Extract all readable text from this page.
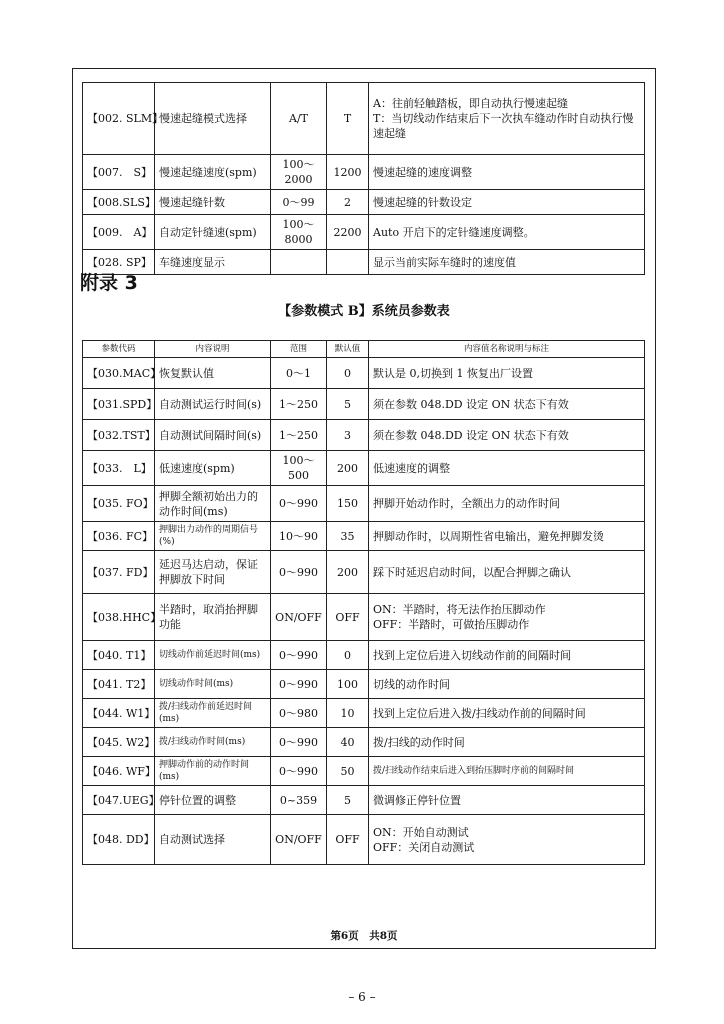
【002. SLM】	慢速起缝模式选择	A/T	T	A：往前轻触踏板，即自动执行慢速起缝
T：当切线动作结束后下一次执车缝动作时自动执行慢速起缝

【007.　S】	慢速起缝速度(spm)	100～2000	1200	慢速起缝的速度调整
【008.SLS】	慢速起缝针数	0～99	2	慢速起缝的针数设定
【009.　A】	自动定针缝速(spm)	100～8000	2200	Auto 开启下的定针缝速度调整。
【028. SP】	车缝速度显示			显示当前实际车缝时的速度值
附录 3
【参数模式 B】系统员参数表
参数代码	内容说明	范围	默认值	内容值名称说明与标注
【030.MAC】	恢复默认值	0～1	0	默认是 0,切换到 1 恢复出厂设置
【031.SPD】	自动测试运行时间(s)	1～250	5	须在参数 048.DD 设定 ON 状态下有效
【032.TST】	自动测试间隔时间(s)	1～250	3	须在参数 048.DD 设定 ON 状态下有效
【033.　L】	低速速度(spm)	100～500	200	低速速度的调整
【035. FO】	押脚全额初始出力的动作时间(ms)	0～990	150	押脚开始动作时，全额出力的动作时间
【036. FC】	押脚出力动作的周期信号(%)	10～90	35	押脚动作时，以周期性省电输出，避免押脚发烫
【037. FD】	延迟马达启动，保证押脚放下时间	0～990	200	踩下时延迟启动时间，以配合押脚之确认
【038.HHC】	半踏时，取消抬押脚功能	ON/OFF	OFF	ON：半踏时，将无法作抬压脚动作
OFF：半踏时，可做抬压脚动作

【040. T1】	切线动作前延迟时间(ms)	0～990	0	找到上定位后进入切线动作前的间隔时间
【041. T2】	切线动作时间(ms)	0～990	100	切线的动作时间
【044. W1】	拨/扫线动作前延迟时间(ms)	0～980	10	找到上定位后进入拨/扫线动作前的间隔时间
【045. W2】	拨/扫线动作时间(ms)	0～990	40	拨/扫线的动作时间
【046. WF】	押脚动作前的动作时间(ms)	0～990	50	拨/扫线动作结束后进入到抬压脚时序前的间隔时间
【047.UEG】	停针位置的调整	0~359	5	微调修正停针位置
【048. DD】	自动测试选择	ON/OFF	OFF	ON：开始自动测试
OFF：关闭自动测试
第6页　共8页
– 6 –
